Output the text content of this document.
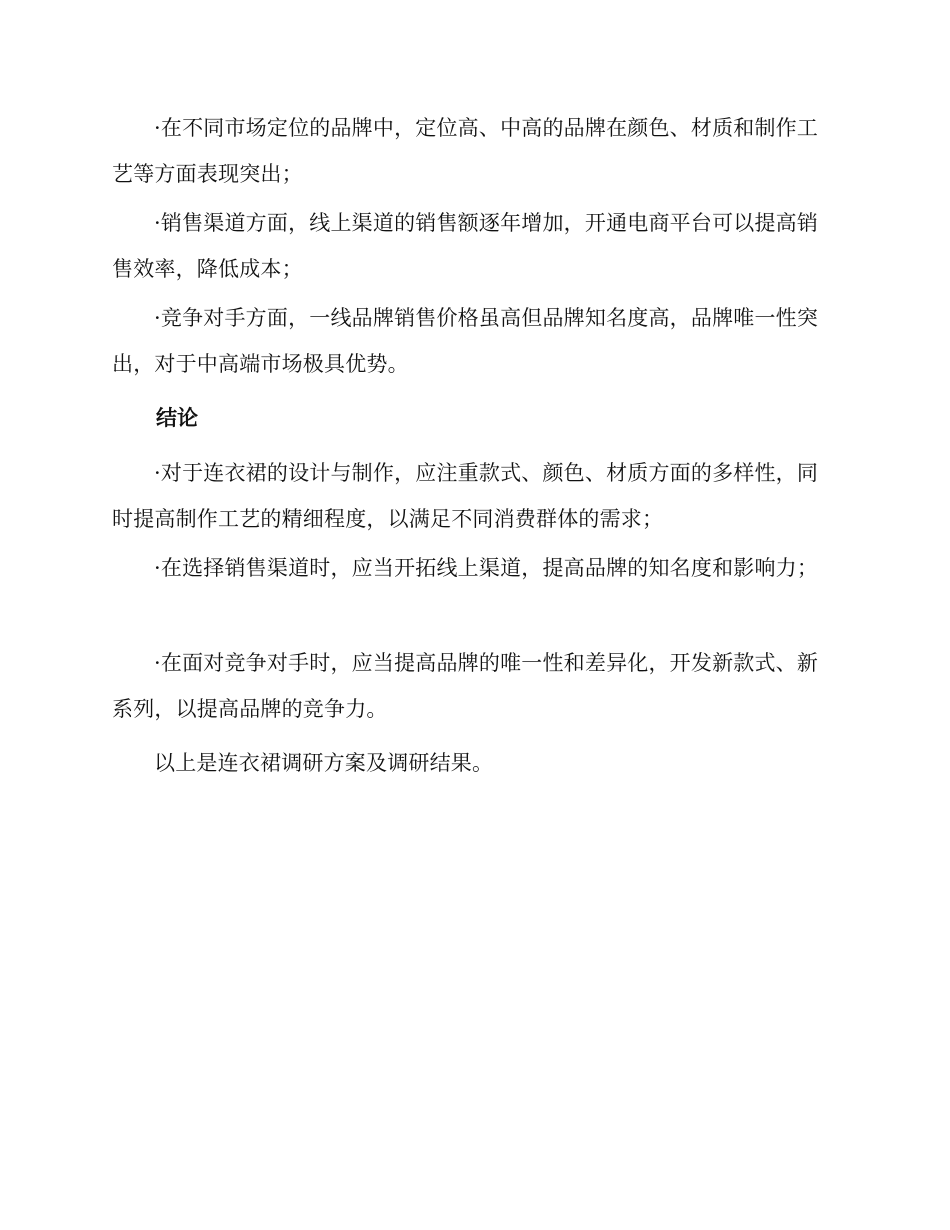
·在不同市场定位的品牌中，定位高、中高的品牌在颜色、材质和制作工艺等方面表现突出；

·销售渠道方面，线上渠道的销售额逐年增加，开通电商平台可以提高销售效率，降低成本；

·竞争对手方面，一线品牌销售价格虽高但品牌知名度高，品牌唯一性突出，对于中高端市场极具优势。

结论

·对于连衣裙的设计与制作，应注重款式、颜色、材质方面的多样性，同时提高制作工艺的精细程度，以满足不同消费群体的需求；

·在选择销售渠道时，应当开拓线上渠道，提高品牌的知名度和影响力；

·在面对竞争对手时，应当提高品牌的唯一性和差异化，开发新款式、新系列，以提高品牌的竞争力。

以上是连衣裙调研方案及调研结果。
